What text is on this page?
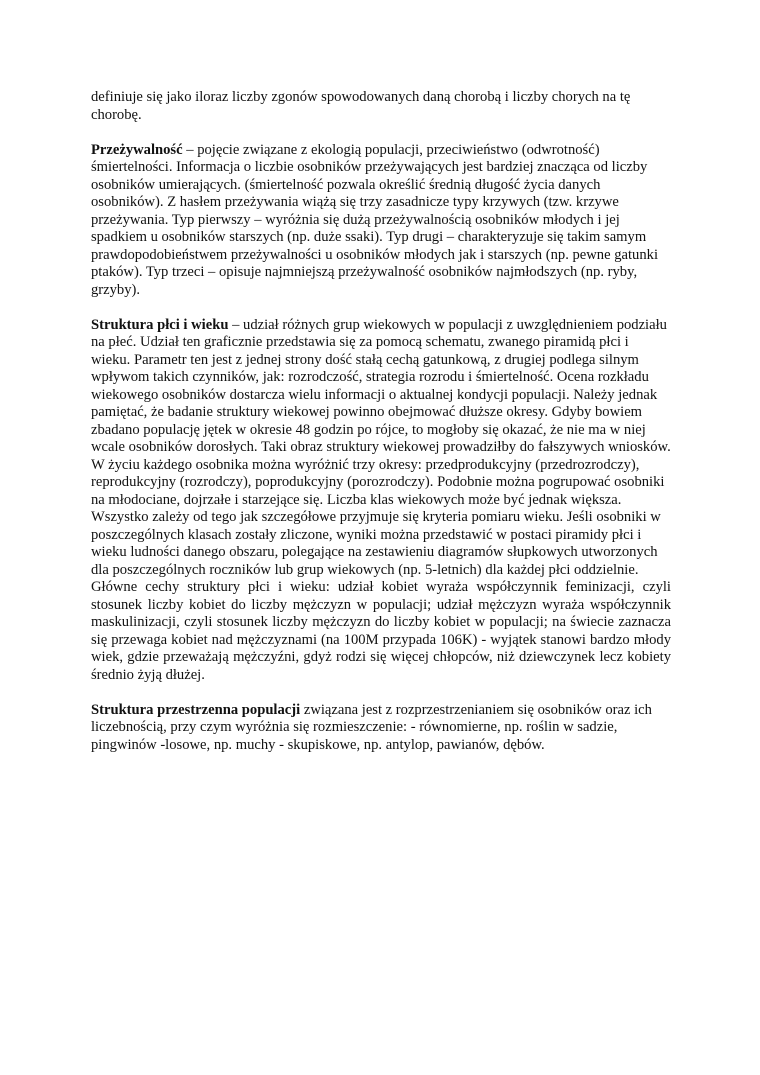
definiuje się jako iloraz liczby zgonów spowodowanych daną chorobą i liczby chorych na tę chorobę.

Przeżywalność – pojęcie związane z ekologią populacji, przeciwieństwo (odwrotność) śmiertelności. Informacja o liczbie osobników przeżywających jest bardziej znacząca od liczby osobników umierających. (śmiertelność pozwala określić średnią długość życia danych osobników). Z hasłem przeżywania wiążą się trzy zasadnicze typy krzywych (tzw. krzywe przeżywania. Typ pierwszy – wyróżnia się dużą przeżywalnością osobników młodych i jej spadkiem u osobników starszych (np. duże ssaki). Typ drugi – charakteryzuje się takim samym prawdopodobieństwem przeżywalności u osobników młodych jak i starszych (np. pewne gatunki ptaków). Typ trzeci – opisuje najmniejszą przeżywalność osobników najmłodszych (np. ryby, grzyby).

Struktura płci i wieku – udział różnych grup wiekowych w populacji z uwzględnieniem podziału na płeć. Udział ten graficznie przedstawia się za pomocą schematu, zwanego piramidą płci i wieku. Parametr ten jest z jednej strony dość stałą cechą gatunkową, z drugiej podlega silnym wpływom takich czynników, jak: rozrodczość, strategia rozrodu i śmiertelność. Ocena rozkładu wiekowego osobników dostarcza wielu informacji o aktualnej kondycji populacji. Należy jednak pamiętać, że badanie struktury wiekowej powinno obejmować dłuższe okresy. Gdyby bowiem zbadano populację jętek w okresie 48 godzin po rójce, to mogłoby się okazać, że nie ma w niej wcale osobników dorosłych. Taki obraz struktury wiekowej prowadziłby do fałszywych wniosków. W życiu każdego osobnika można wyróżnić trzy okresy: przedprodukcyjny (przedrozrodczy), reprodukcyjny (rozrodczy), poprodukcyjny (porozrodczy). Podobnie można pogrupować osobniki na młodociane, dojrzałe i starzejące się. Liczba klas wiekowych może być jednak większa. Wszystko zależy od tego jak szczegółowe przyjmuje się kryteria pomiaru wieku. Jeśli osobniki w poszczególnych klasach zostały zliczone, wyniki można przedstawić w postaci piramidy płci i wieku ludności danego obszaru, polegające na zestawieniu diagramów słupkowych utworzonych dla poszczególnych roczników lub grup wiekowych (np. 5-letnich) dla każdej płci oddzielnie.

Główne cechy struktury płci i wieku: udział kobiet wyraża współczynnik feminizacji, czyli stosunek liczby kobiet do liczby mężczyzn w populacji; udział mężczyzn wyraża współczynnik maskulinizacji, czyli stosunek liczby mężczyzn do liczby kobiet w populacji; na świecie zaznacza się przewaga kobiet nad mężczyznami (na 100M przypada 106K) - wyjątek stanowi bardzo młody wiek, gdzie przeważają mężczyźni, gdyż rodzi się więcej chłopców, niż dziewczynek lecz kobiety średnio żyją dłużej.

Struktura przestrzenna populacji związana jest z rozprzestrzenianiem się osobników oraz ich liczebnością, przy czym wyróżnia się rozmieszczenie: - równomierne, np. roślin w sadzie, pingwinów -losowe, np. muchy - skupiskowe, np. antylop, pawianów, dębów.
